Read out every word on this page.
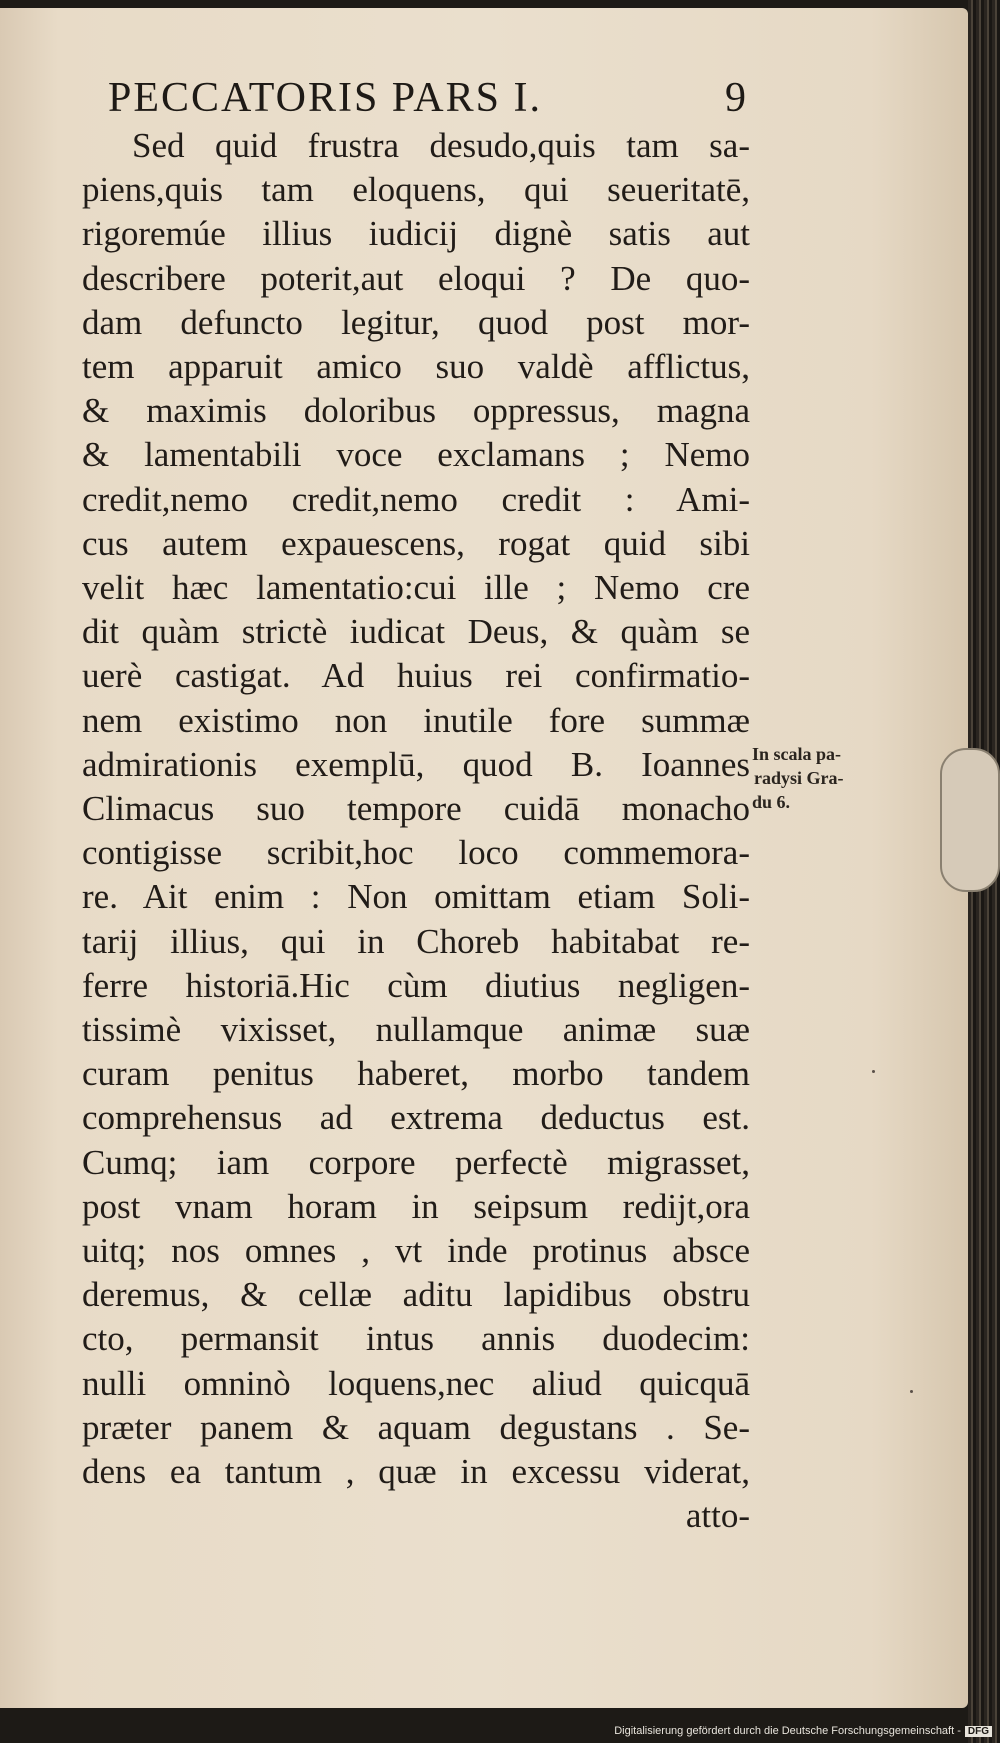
PECCATORIS PARS I.	9
Sed quid frustra desudo,quis tam sa-
piens,quis tam eloquens, qui seueritatē,
rigoremúe illius iudicij dignè satis aut
describere poterit,aut eloqui ? De quo-
dam defuncto legitur, quod post mor-
tem apparuit amico suo valdè afflictus,
& maximis doloribus oppressus, magna
& lamentabili voce exclamans ; Nemo
credit,nemo credit,nemo credit : Ami-
cus autem expauescens, rogat quid sibi
velit hæc lamentatio:cui ille ; Nemo cre
dit quàm strictè iudicat Deus, & quàm se
uerè castigat. Ad huius rei confirmatio-
nem existimo non inutile fore summæ
admirationis exemplū, quod B. Ioannes
Climacus suo tempore cuidā monacho
contigisse scribit,hoc loco commemora-
re. Ait enim : Non omittam etiam Soli-
tarij illius, qui in Choreb habitabat re-
ferre historiā.Hic cùm diutius negligen-
tissimè vixisset, nullamque animæ suæ
curam penitus haberet, morbo tandem
comprehensus ad extrema deductus est.
Cumq; iam corpore perfectè migrasset,
post vnam horam in seipsum redijt,ora
uitq; nos omnes , vt inde protinus absce
deremus, & cellæ aditu lapidibus obstru
cto, permansit intus annis duodecim:
nulli omninò loquens,nec aliud quicquā
præter panem & aquam degustans . Se-
dens ea tantum , quæ in excessu viderat,
atto-
In scala pa-
radysi Gra-
du 6.
Digitalisierung gefördert durch die Deutsche Forschungsgemeinschaft - DFG
